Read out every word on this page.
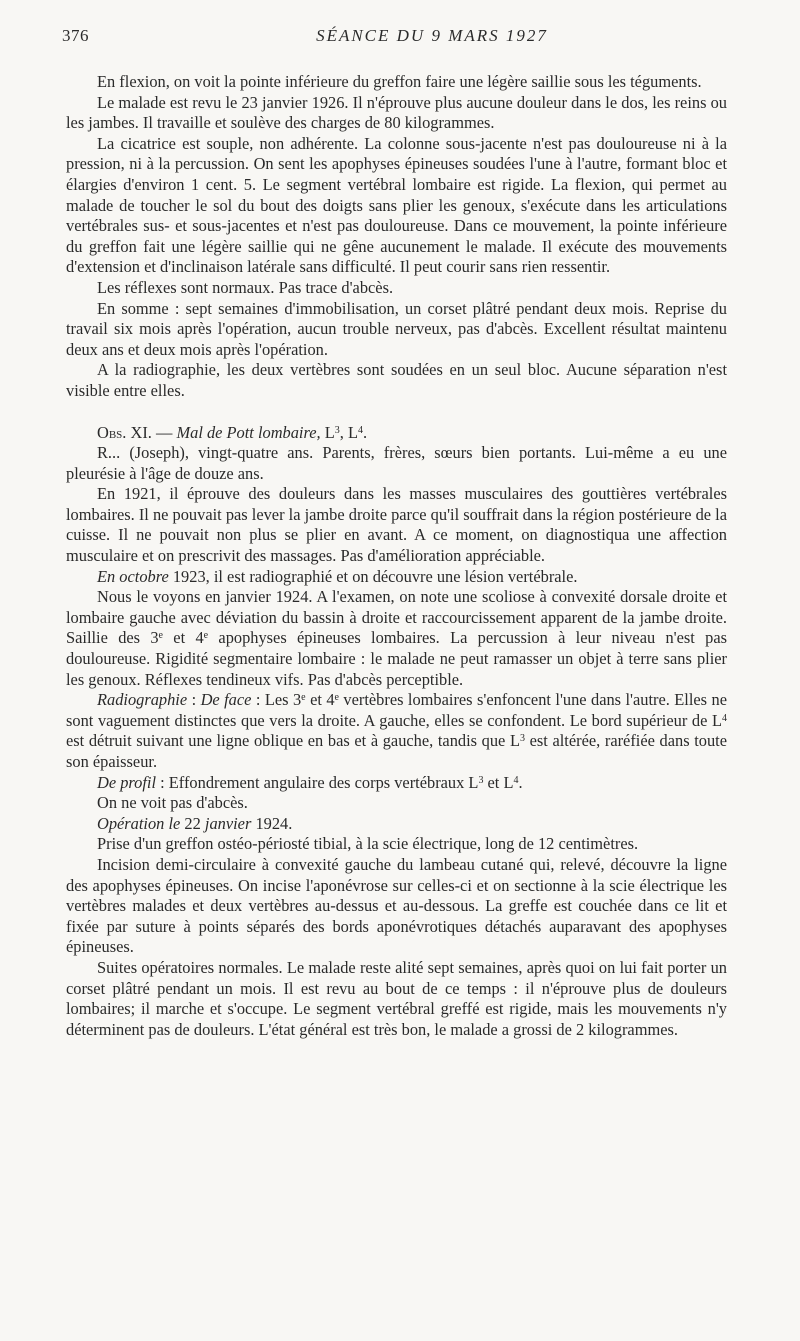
376	SÉANCE DU 9 MARS 1927

En flexion, on voit la pointe inférieure du greffon faire une légère saillie sous les téguments.

Le malade est revu le 23 janvier 1926. Il n'éprouve plus aucune douleur dans le dos, les reins ou les jambes. Il travaille et soulève des charges de 80 kilogrammes.

La cicatrice est souple, non adhérente. La colonne sous-jacente n'est pas douloureuse ni à la pression, ni à la percussion. On sent les apophyses épineuses soudées l'une à l'autre, formant bloc et élargies d'environ 1 cent. 5. Le segment vertébral lombaire est rigide. La flexion, qui permet au malade de toucher le sol du bout des doigts sans plier les genoux, s'exécute dans les articulations vertébrales sus- et sous-jacentes et n'est pas douloureuse. Dans ce mouvement, la pointe inférieure du greffon fait une légère saillie qui ne gêne aucunement le malade. Il exécute des mouvements d'extension et d'inclinaison latérale sans difficulté. Il peut courir sans rien ressentir.

Les réflexes sont normaux. Pas trace d'abcès.

En somme : sept semaines d'immobilisation, un corset plâtré pendant deux mois. Reprise du travail six mois après l'opération, aucun trouble nerveux, pas d'abcès. Excellent résultat maintenu deux ans et deux mois après l'opération.

A la radiographie, les deux vertèbres sont soudées en un seul bloc. Aucune séparation n'est visible entre elles.

Obs. XI. — Mal de Pott lombaire, $L^3$, $L^4$.

R... (Joseph), vingt-quatre ans. Parents, frères, sœurs bien portants. Lui-même a eu une pleurésie à l'âge de douze ans.

En 1921, il éprouve des douleurs dans les masses musculaires des gouttières vertébrales lombaires. Il ne pouvait pas lever la jambe droite parce qu'il souffrait dans la région postérieure de la cuisse. Il ne pouvait non plus se plier en avant. A ce moment, on diagnostiqua une affection musculaire et on prescrivit des massages. Pas d'amélioration appréciable.

En octobre 1923, il est radiographié et on découvre une lésion vertébrale.

Nous le voyons en janvier 1924. A l'examen, on note une scoliose à convexité dorsale droite et lombaire gauche avec déviation du bassin à droite et raccourcissement apparent de la jambe droite. Saillie des 3e et 4e apophyses épineuses lombaires. La percussion à leur niveau n'est pas douloureuse. Rigidité segmentaire lombaire : le malade ne peut ramasser un objet à terre sans plier les genoux. Réflexes tendineux vifs. Pas d'abcès perceptible.

Radiographie : De face : Les 3e et 4e vertèbres lombaires s'enfoncent l'une dans l'autre. Elles ne sont vaguement distinctes que vers la droite. A gauche, elles se confondent. Le bord supérieur de $L^4$ est détruit suivant une ligne oblique en bas et à gauche, tandis que $L^3$ est altérée, raréfiée dans toute son épaisseur.

De profil : Effondrement angulaire des corps vertébraux $L^3$ et $L^4$.

On ne voit pas d'abcès.

Opération le 22 janvier 1924.

Prise d'un greffon ostéo-périosté tibial, à la scie électrique, long de 12 centimètres.

Incision demi-circulaire à convexité gauche du lambeau cutané qui, relevé, découvre la ligne des apophyses épineuses. On incise l'aponévrose sur celles-ci et on sectionne à la scie électrique les vertèbres malades et deux vertèbres au-dessus et au-dessous. La greffe est couchée dans ce lit et fixée par suture à points séparés des bords aponévrotiques détachés auparavant des apophyses épineuses.

Suites opératoires normales. Le malade reste alité sept semaines, après quoi on lui fait porter un corset plâtré pendant un mois. Il est revu au bout de ce temps : il n'éprouve plus de douleurs lombaires; il marche et s'occupe. Le segment vertébral greffé est rigide, mais les mouvements n'y déterminent pas de douleurs. L'état général est très bon, le malade a grossi de 2 kilogrammes.
